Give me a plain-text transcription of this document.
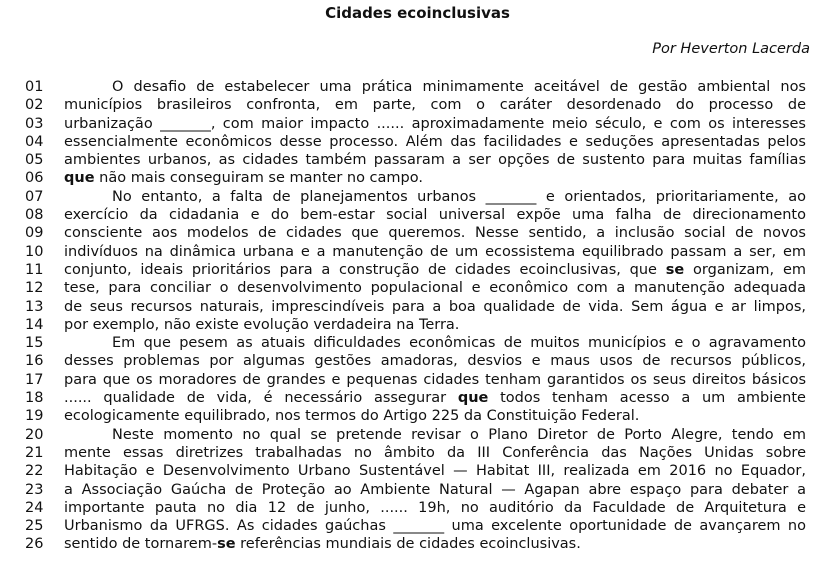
Cidades ecoinclusivas
Por Heverton Lacerda
01	O desafio de estabelecer uma prática minimamente aceitável de gestão ambiental nos
02 municípios brasileiros confronta, em parte, com o caráter desordenado do processo de
03 urbanização _______, com maior impacto ...... aproximadamente meio século, e com os interesses
04 essencialmente econômicos desse processo. Além das facilidades e seduções apresentadas pelos
05 ambientes urbanos, as cidades também passaram a ser opções de sustento para muitas famílias
06 que não mais conseguiram se manter no campo.
07	No entanto, a falta de planejamentos urbanos _______ e orientados, prioritariamente, ao
08 exercício da cidadania e do bem-estar social universal expõe uma falha de direcionamento
09 consciente aos modelos de cidades que queremos. Nesse sentido, a inclusão social de novos
10 indivíduos na dinâmica urbana e a manutenção de um ecossistema equilibrado passam a ser, em
11 conjunto, ideais prioritários para a construção de cidades ecoinclusivas, que se organizam, em
12 tese, para conciliar o desenvolvimento populacional e econômico com a manutenção adequada
13 de seus recursos naturais, imprescindíveis para a boa qualidade de vida. Sem água e ar limpos,
14 por exemplo, não existe evolução verdadeira na Terra.
15	Em que pesem as atuais dificuldades econômicas de muitos municípios e o agravamento
16 desses problemas por algumas gestões amadoras, desvios e maus usos de recursos públicos,
17 para que os moradores de grandes e pequenas cidades tenham garantidos os seus direitos básicos
18 ...... qualidade de vida, é necessário assegurar que todos tenham acesso a um ambiente
19 ecologicamente equilibrado, nos termos do Artigo 225 da Constituição Federal.
20	Neste momento no qual se pretende revisar o Plano Diretor de Porto Alegre, tendo em
21 mente essas diretrizes trabalhadas no âmbito da III Conferência das Nações Unidas sobre
22 Habitação e Desenvolvimento Urbano Sustentável — Habitat III, realizada em 2016 no Equador,
23 a Associação Gaúcha de Proteção ao Ambiente Natural — Agapan abre espaço para debater a
24 importante pauta no dia 12 de junho, ...... 19h, no auditório da Faculdade de Arquitetura e
25 Urbanismo da UFRGS. As cidades gaúchas _______ uma excelente oportunidade de avançarem no
26 sentido de tornarem-se referências mundiais de cidades ecoinclusivas.
